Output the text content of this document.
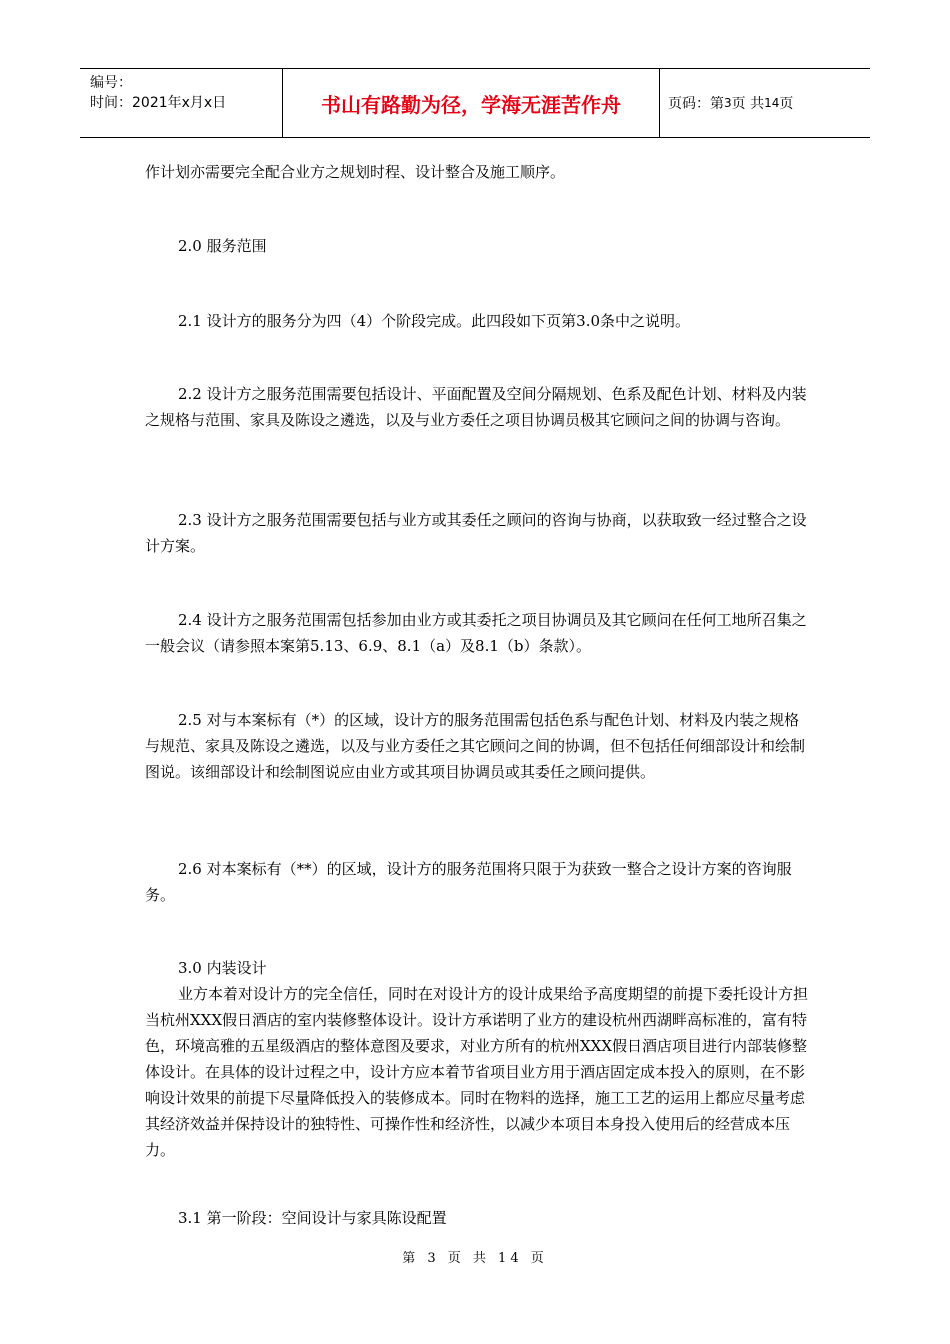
编号：
时间：2021年x月x日	书山有路勤为径，学海无涯苦作舟	页码：第 3 页 共 14 页

作计划亦需要完全配合业方之规划时程、设计整合及施工顺序。

2.0 服务范围

2.1 设计方的服务分为四（4）个阶段完成。此四段如下页第3.0条中之说明。

2.2 设计方之服务范围需要包括设计、平面配置及空间分隔规划、色系及配色计划、材料及内装之规格与范围、家具及陈设之遴选，以及与业方委任之项目协调员极其它顾问之间的协调与咨询。

2.3 设计方之服务范围需要包括与业方或其委任之顾问的咨询与协商，以获取致一经过整合之设计方案。

2.4 设计方之服务范围需包括参加由业方或其委托之项目协调员及其它顾问在任何工地所召集之一般会议（请参照本案第5.13、6.9、8.1（a）及8.1（b）条款）。

2.5 对与本案标有（*）的区域，设计方的服务范围需包括色系与配色计划、材料及内装之规格与规范、家具及陈设之遴选，以及与业方委任之其它顾问之间的协调，但不包括任何细部设计和绘制图说。该细部设计和绘制图说应由业方或其项目协调员或其委任之顾问提供。

2.6 对本案标有（**）的区域，设计方的服务范围将只限于为获致一整合之设计方案的咨询服务。

3.0 内装设计

业方本着对设计方的完全信任，同时在对设计方的设计成果给予高度期望的前提下委托设计方担当杭州XXX假日酒店的室内装修整体设计。设计方承诺明了业方的建设杭州西湖畔高标准的，富有特色，环境高雅的五星级酒店的整体意图及要求，对业方所有的杭州XXX假日酒店项目进行内部装修整体设计。在具体的设计过程之中，设计方应本着节省项目业方用于酒店固定成本投入的原则，在不影响设计效果的前提下尽量降低投入的装修成本。同时在物料的选择，施工工艺的运用上都应尽量考虑其经济效益并保持设计的独特性、可操作性和经济性，以减少本项目本身投入使用后的经营成本压力。

3.1 第一阶段：空间设计与家具陈设配置

第 3 页 共 14 页
